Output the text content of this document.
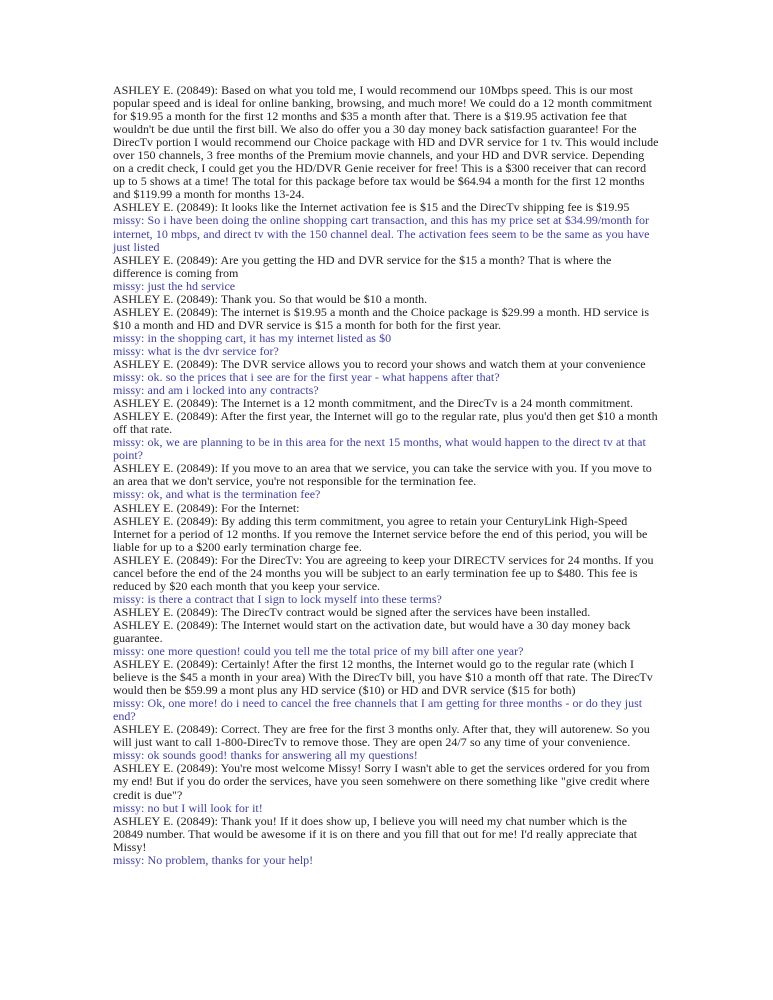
ASHLEY E. (20849): Based on what you told me, I would recommend our 10Mbps speed. This is our most popular speed and is ideal for online banking, browsing, and much more! We could do a 12 month commitment for $19.95 a month for the first 12 months and $35 a month after that. There is a $19.95 activation fee that wouldn't be due until the first bill. We also do offer you a 30 day money back satisfaction guarantee! For the DirecTv portion I would recommend our Choice package with HD and DVR service for 1 tv. This would include over 150 channels, 3 free months of the Premium movie channels, and your HD and DVR service. Depending on a credit check, I could get you the HD/DVR Genie receiver for free! This is a $300 receiver that can record up to 5 shows at a time! The total for this package before tax would be $64.94 a month for the first 12 months and $119.99 a month for months 13-24.

ASHLEY E. (20849): It looks like the Internet activation fee is $15 and the DirecTv shipping fee is $19.95

missy: So i have been doing the online shopping cart transaction, and this has my price set at $34.99/month for internet, 10 mbps, and direct tv with the 150 channel deal. The activation fees seem to be the same as you have just listed

ASHLEY E. (20849): Are you getting the HD and DVR service for the $15 a month? That is where the difference is coming from

missy: just the hd service

ASHLEY E. (20849): Thank you. So that would be $10 a month.

ASHLEY E. (20849): The internet is $19.95 a month and the Choice package is $29.99 a month. HD service is $10 a month and HD and DVR service is $15 a month for both for the first year.

missy: in the shopping cart, it has my internet listed as $0

missy: what is the dvr service for?

ASHLEY E. (20849): The DVR service allows you to record your shows and watch them at your convenience

missy: ok. so the prices that i see are for the first year - what happens after that?

missy: and am i locked into any contracts?

ASHLEY E. (20849): The Internet is a 12 month commitment, and the DirecTv is a 24 month commitment.

ASHLEY E. (20849): After the first year, the Internet will go to the regular rate, plus you'd then get $10 a month off that rate.

missy: ok, we are planning to be in this area for the next 15 months, what would happen to the direct tv at that point?

ASHLEY E. (20849): If you move to an area that we service, you can take the service with you. If you move to an area that we don't service, you're not responsible for the termination fee.

missy: ok, and what is the termination fee?

ASHLEY E. (20849): For the Internet:

ASHLEY E. (20849): By adding this term commitment, you agree to retain your CenturyLink High-Speed Internet for a period of 12 months. If you remove the Internet service before the end of this period, you will be liable for up to a $200 early termination charge fee.

ASHLEY E. (20849): For the DirecTv: You are agreeing to keep your DIRECTV services for 24 months. If you cancel before the end of the 24 months you will be subject to an early termination fee up to $480. This fee is reduced by $20 each month that you keep your service.

missy: is there a contract that I sign to lock myself into these terms?

ASHLEY E. (20849): The DirecTv contract would be signed after the services have been installed.

ASHLEY E. (20849): The Internet would start on the activation date, but would have a 30 day money back guarantee.

missy: one more question! could you tell me the total price of my bill after one year?

ASHLEY E. (20849): Certainly! After the first 12 months, the Internet would go to the regular rate (which I believe is the $45 a month in your area) With the DirecTv bill, you have $10 a month off that rate. The DirecTv would then be $59.99 a mont plus any HD service ($10) or HD and DVR service ($15 for both)

missy: Ok, one more! do i need to cancel the free channels that I am getting for three months - or do they just end?

ASHLEY E. (20849): Correct. They are free for the first 3 months only. After that, they will autorenew. So you will just want to call 1-800-DirecTv to remove those. They are open 24/7 so any time of your convenience.

missy: ok sounds good! thanks for answering all my questions!

ASHLEY E. (20849): You're most welcome Missy! Sorry I wasn't able to get the services ordered for you from my end! But if you do order the services, have you seen somehwere on there something like "give credit where credit is due"?

missy: no but I will look for it!

ASHLEY E. (20849): Thank you! If it does show up, I believe you will need my chat number which is the 20849 number. That would be awesome if it is on there and you fill that out for me! I'd really appreciate that Missy!

missy: No problem, thanks for your help!
